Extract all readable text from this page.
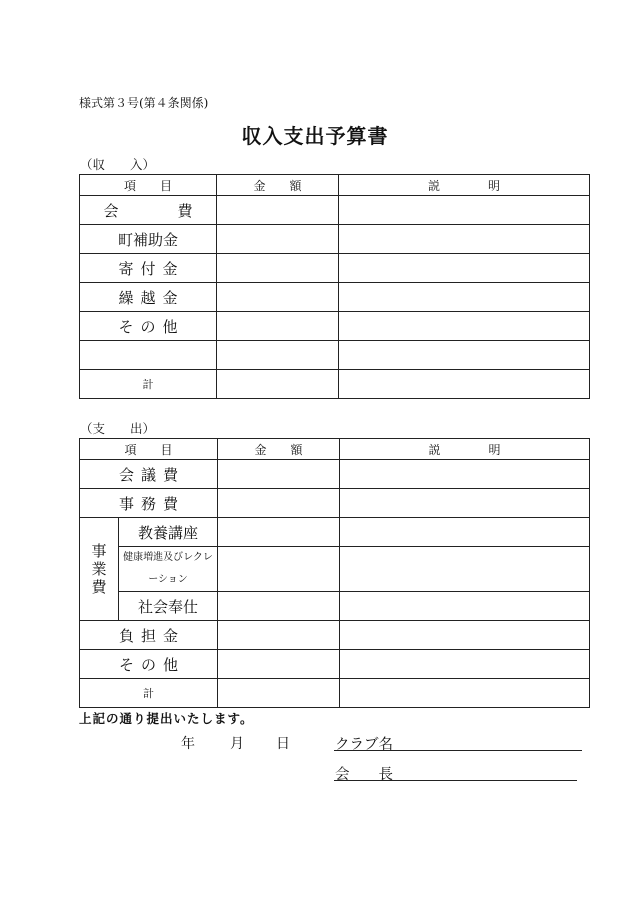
様式第３号(第４条関係)
収入支出予算書
（収　　入）
項　　目	金　　額	説　　　　明
会　費		
町補助金		
寄付金		
繰越金		
その他		

計		
（支　　出）
項　　目		金　　額	説　　　　明
会議費			
事務費			

事業費	教養講座		
	健康増進及びレクレーション		
	社会奉仕		
負担金			
その他			
計			
上記の通り提出いたします。
年	月 日	クラブ名
会　　長
